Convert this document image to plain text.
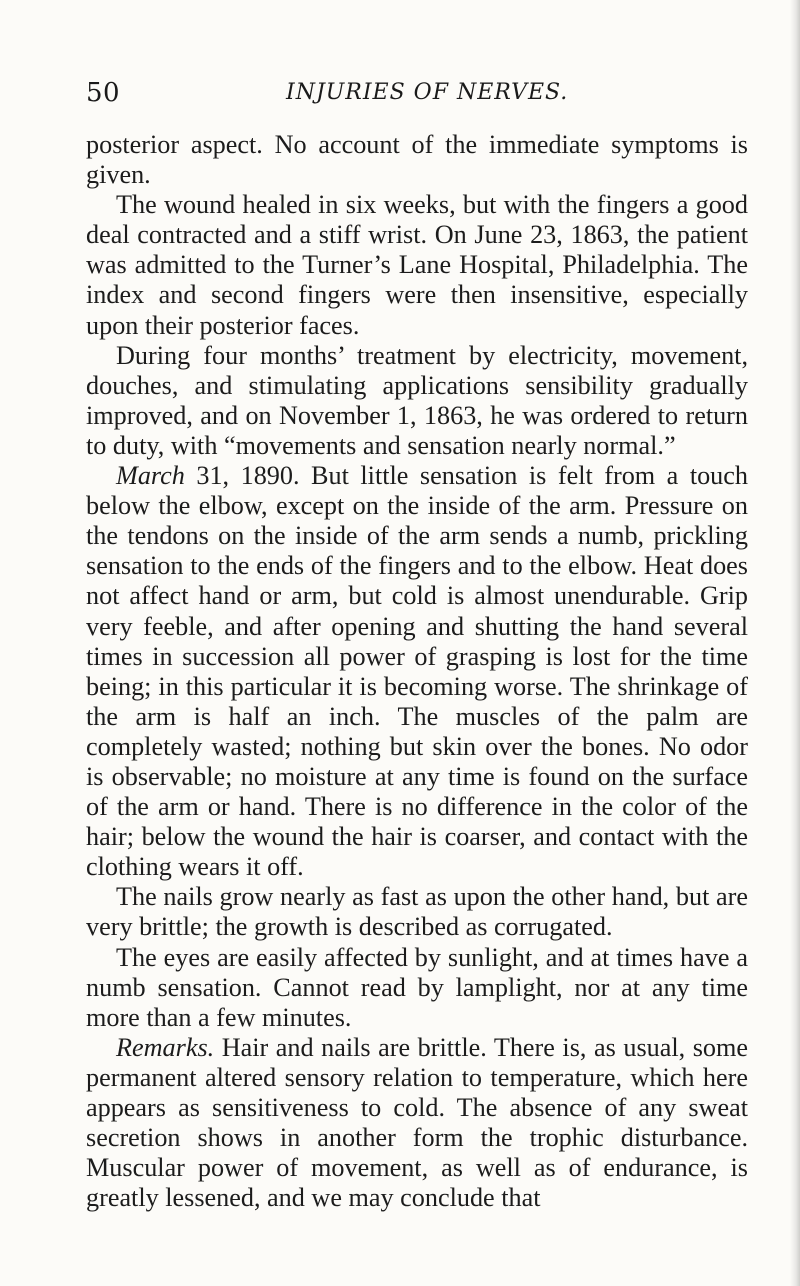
50	INJURIES OF NERVES.

posterior aspect. No account of the immediate symptoms is given.

The wound healed in six weeks, but with the fingers a good deal contracted and a stiff wrist. On June 23, 1863, the patient was admitted to the Turner’s Lane Hospital, Philadelphia. The index and second fingers were then insensitive, especially upon their posterior faces.

During four months’ treatment by electricity, movement, douches, and stimulating applications sensibility gradually improved, and on November 1, 1863, he was ordered to return to duty, with “movements and sensation nearly normal.”

March 31, 1890. But little sensation is felt from a touch below the elbow, except on the inside of the arm. Pressure on the tendons on the inside of the arm sends a numb, prickling sensation to the ends of the fingers and to the elbow. Heat does not affect hand or arm, but cold is almost unendurable. Grip very feeble, and after opening and shutting the hand several times in succession all power of grasping is lost for the time being; in this particular it is becoming worse. The shrinkage of the arm is half an inch. The muscles of the palm are completely wasted; nothing but skin over the bones. No odor is observable; no moisture at any time is found on the surface of the arm or hand. There is no difference in the color of the hair; below the wound the hair is coarser, and contact with the clothing wears it off.

The nails grow nearly as fast as upon the other hand, but are very brittle; the growth is described as corrugated.

The eyes are easily affected by sunlight, and at times have a numb sensation. Cannot read by lamplight, nor at any time more than a few minutes.

Remarks. Hair and nails are brittle. There is, as usual, some permanent altered sensory relation to temperature, which here appears as sensitiveness to cold. The absence of any sweat secretion shows in another form the trophic disturbance. Muscular power of movement, as well as of endurance, is greatly lessened, and we may conclude that
